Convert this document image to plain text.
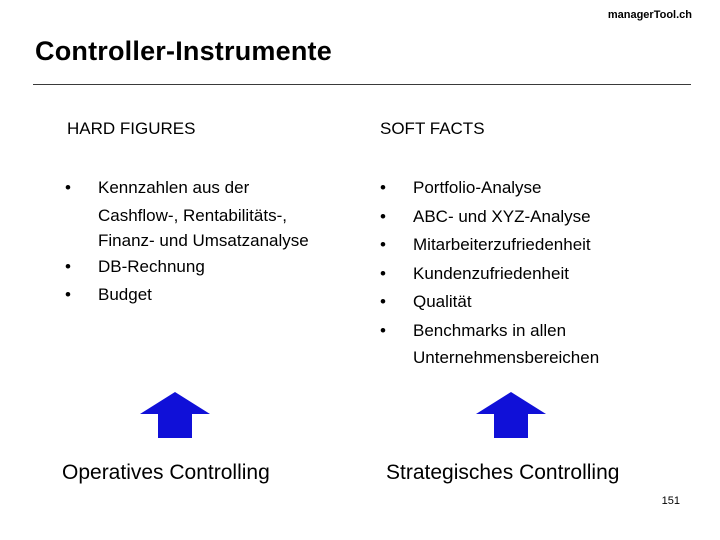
managerTool.ch
Controller-Instrumente
HARD FIGURES	SOFT FACTS
• Kennzahlen aus der
Cashflow-, Rentabilitäts-,
Finanz- und Umsatzanalyse
• DB-Rechnung
• Budget
• Portfolio-Analyse
• ABC- und XYZ-Analyse
• Mitarbeiterzufriedenheit
• Kundenzufriedenheit
• Qualität
• Benchmarks in allen
Unternehmensbereichen
Operatives Controlling	Strategisches Controlling
151
